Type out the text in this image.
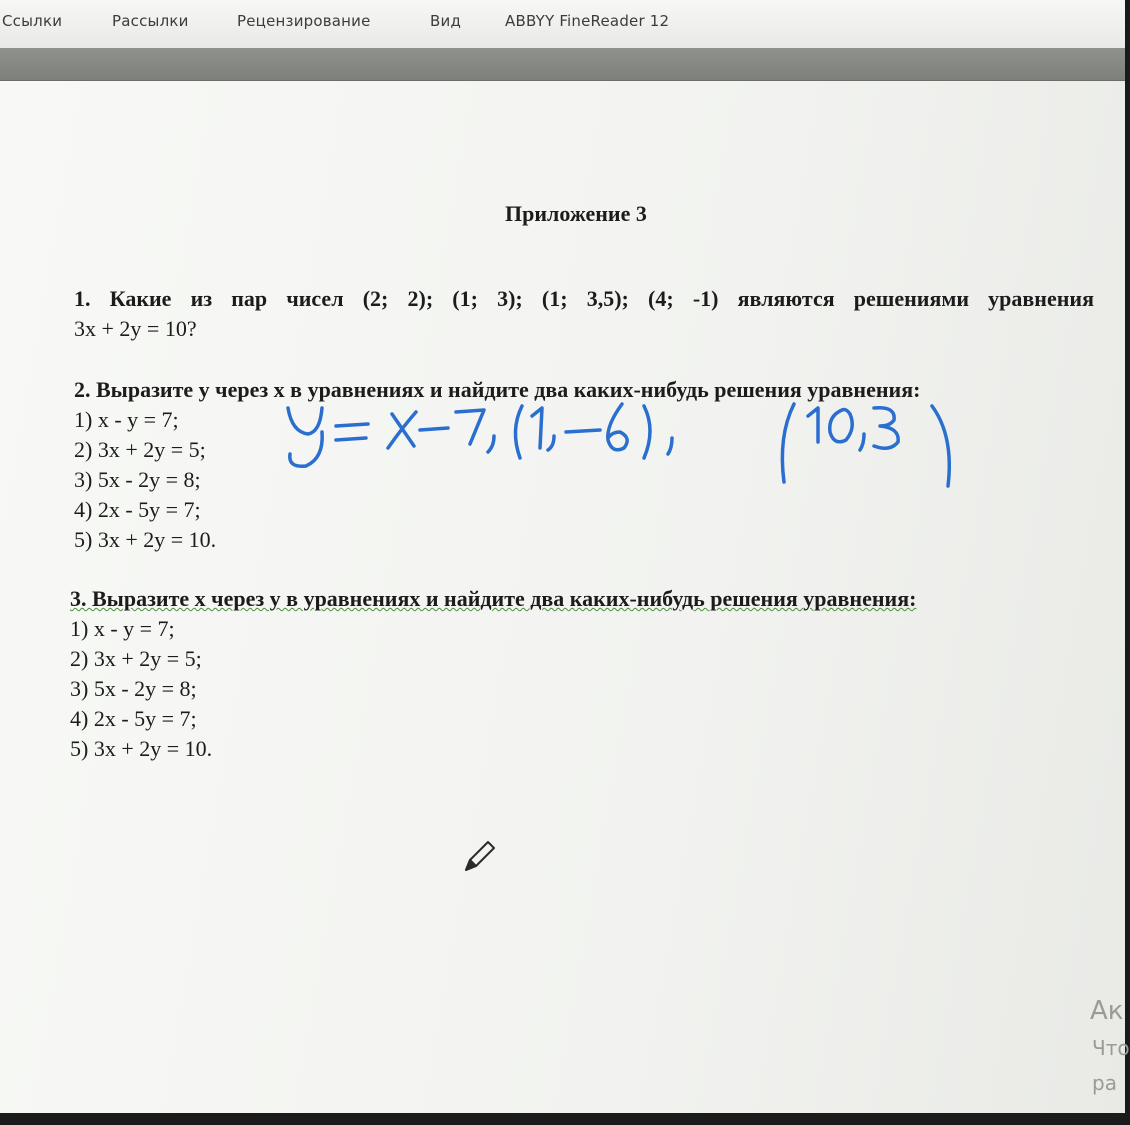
Ссылки	Рассылки	Рецензирование	Вид	ABBYY FineReader 12
Приложение 3
1. Какие из пар чисел (2; 2); (1; 3); (1; 3,5); (4; -1) являются решениями уравнения
3x + 2y = 10?
2. Выразите у через х в уравнениях и найдите два каких-нибудь решения уравнения:
1) x - y = 7;
2) 3x + 2y = 5;
3) 5x - 2y = 8;
4) 2x - 5y = 7;
5) 3x + 2y = 10.
3. Выразите х через у в уравнениях и найдите два каких-нибудь решения уравнения:
1) x - y = 7;
2) 3x + 2y = 5;
3) 5x - 2y = 8;
4) 2x - 5y = 7;
5) 3x + 2y = 10.
Ак
Что
ра
